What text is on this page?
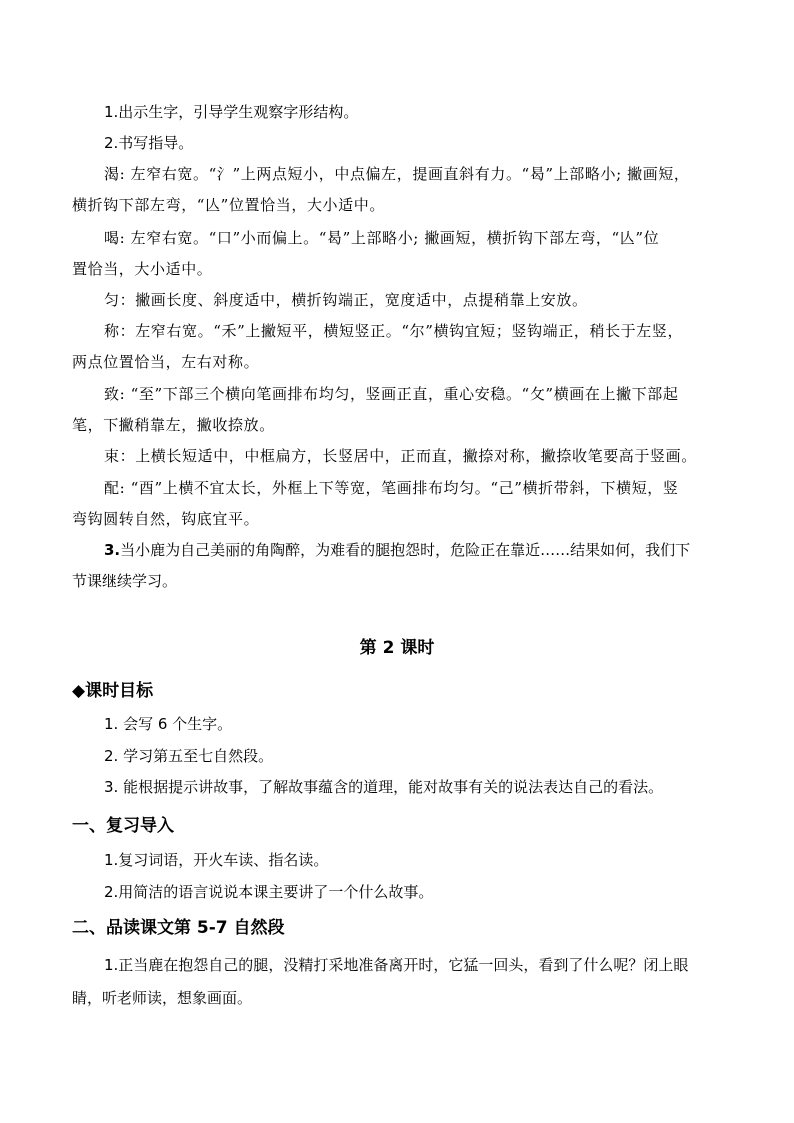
1.出示生字，引导学生观察字形结构。
2.书写指导。
渴: 左窄右宽。“氵”上两点短小，中点偏左，提画直斜有力。“曷”上部略小; 撇画短，
横折钩下部左弯，“亾”位置恰当，大小适中。
喝: 左窄右宽。“口”小而偏上。“曷”上部略小; 撇画短，横折钩下部左弯，“亾”位
置恰当，大小适中。
匀：撇画长度、斜度适中，横折钩端正，宽度适中，点提稍靠上安放。
称：左窄右宽。“禾”上撇短平，横短竖正。“尔”横钩宜短；竖钩端正，稍长于左竖，
两点位置恰当，左右对称。
致: “至”下部三个横向笔画排布均匀，竖画正直，重心安稳。“攵”横画在上撇下部起
笔，下撇稍靠左，撇收捺放。
束：上横长短适中，中框扁方，长竖居中，正而直，撇捺对称，撇捺收笔要高于竖画。
配: “酉”上横不宜太长，外框上下等宽，笔画排布均匀。“己”横折带斜，下横短，竖
弯钩圆转自然，钩底宜平。
3.当小鹿为自己美丽的角陶醉，为难看的腿抱怨时，危险正在靠近……结果如何，我们下
节课继续学习。
第 2 课时
◆课时目标
1. 会写 6 个生字。
2. 学习第五至七自然段。
3. 能根据提示讲故事，了解故事蕴含的道理，能对故事有关的说法表达自己的看法。
一、复习导入
1.复习词语，开火车读、指名读。
2.用简洁的语言说说本课主要讲了一个什么故事。
二、品读课文第 5-7 自然段
1.正当鹿在抱怨自己的腿，没精打采地准备离开时，它猛一回头，看到了什么呢？闭上眼
睛，听老师读，想象画面。
